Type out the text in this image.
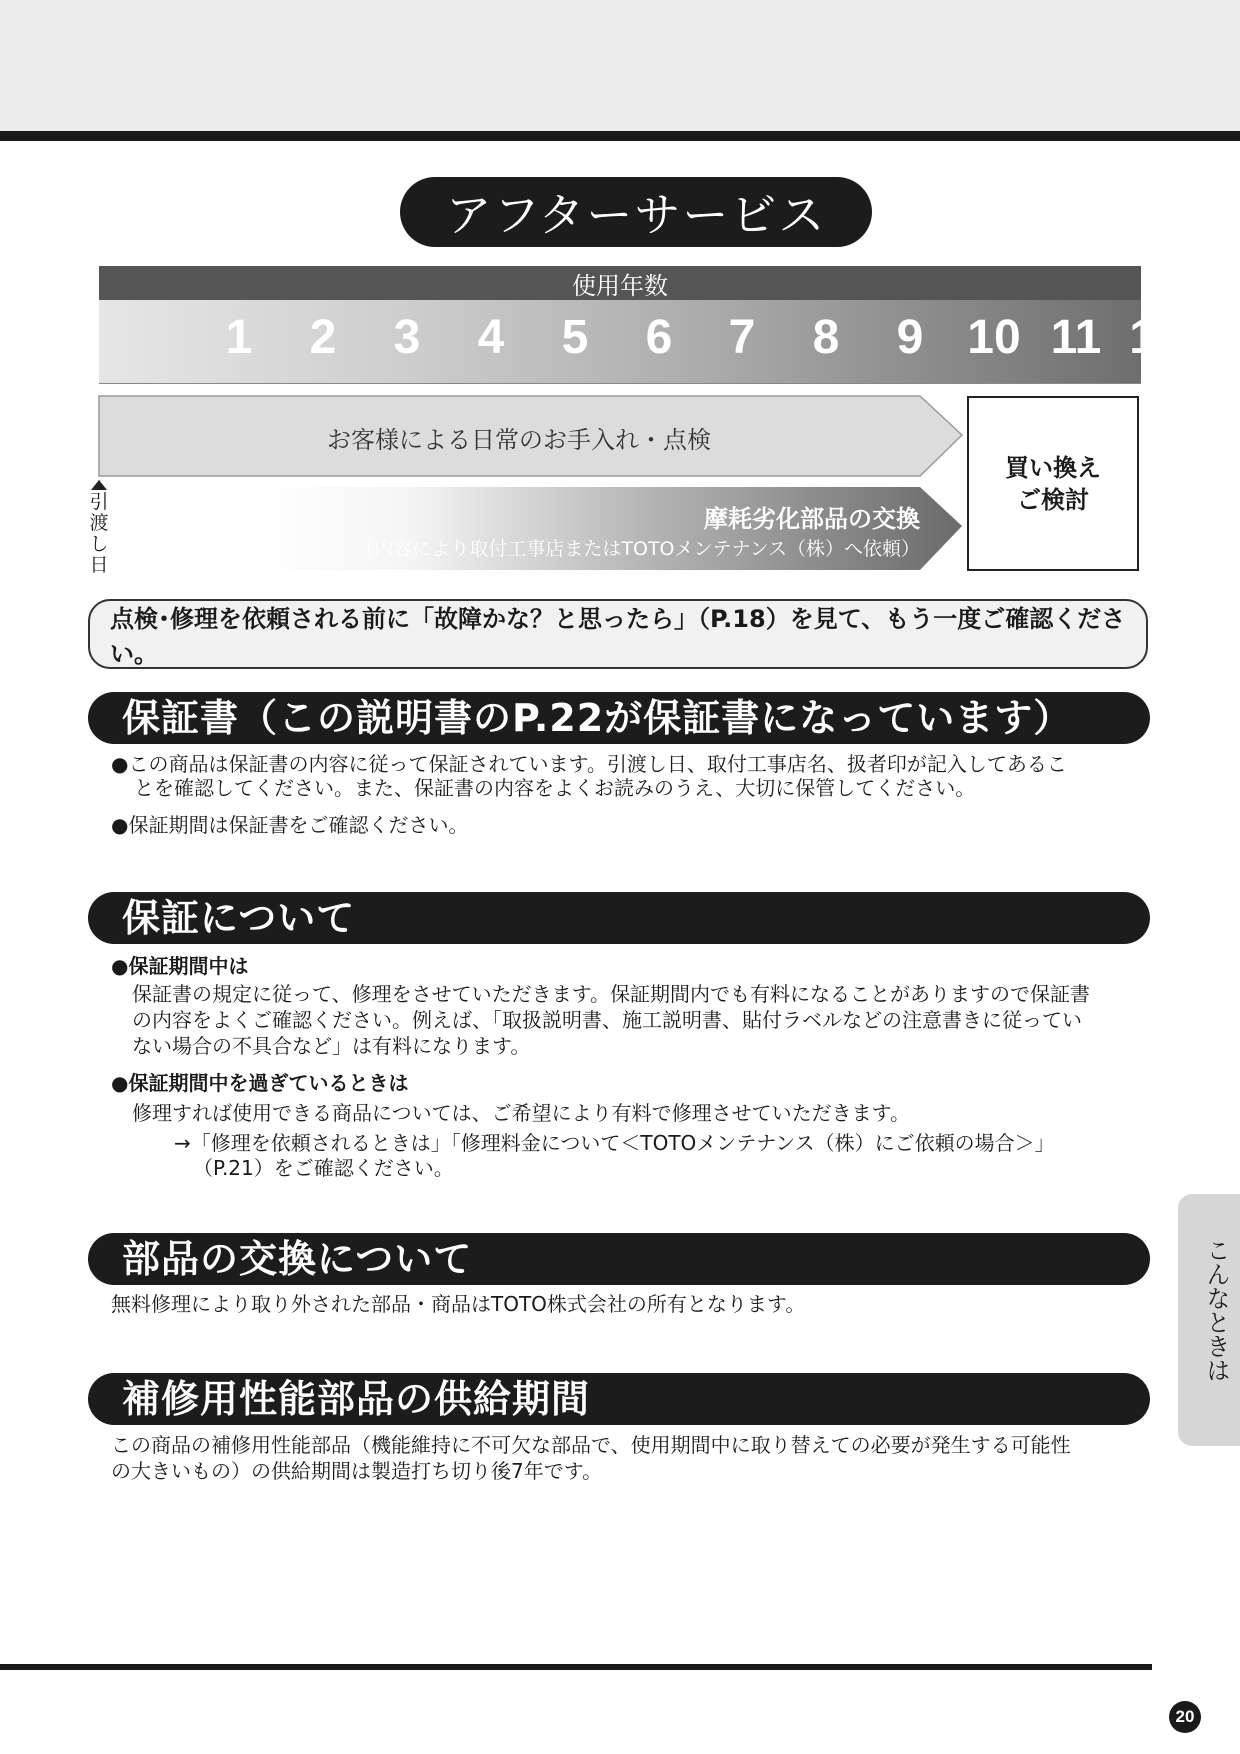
アフターサービス
使用年数
1	2	3	4	5	6	7	8	9 10 11 12
お客様による日常のお手入れ・点検
摩耗劣化部品の交換
（内容により取付工事店またはTOTOメンテナンス（株）へ依頼）
引渡し日
買い換え
ご検討
点検･修理を依頼される前に「故障かな？と思ったら」（P.18）を見て、もう一度ご確認ください。
保証書（この説明書のP.22が保証書になっています）
●この商品は保証書の内容に従って保証されています。引渡し日、取付工事店名、扱者印が記入してあるこ
とを確認してください。また、保証書の内容をよくお読みのうえ、大切に保管してください。
●保証期間は保証書をご確認ください。
保証について
●保証期間中は
保証書の規定に従って、修理をさせていただきます。保証期間内でも有料になることがありますので保証書
の内容をよくご確認ください。例えば、「取扱説明書、施工説明書、貼付ラベルなどの注意書きに従ってい
ない場合の不具合など」は有料になります。
●保証期間中を過ぎているときは
修理すれば使用できる商品については、ご希望により有料で修理させていただきます。
→「修理を依頼されるときは」「修理料金について＜TOTOメンテナンス（株）にご依頼の場合＞」
（P.21）をご確認ください。
部品の交換について
無料修理により取り外された部品・商品はTOTO株式会社の所有となります。
補修用性能部品の供給期間
この商品の補修用性能部品（機能維持に不可欠な部品で、使用期間中に取り替えての必要が発生する可能性
の大きいもの）の供給期間は製造打ち切り後7年です。
こんなときは
20
